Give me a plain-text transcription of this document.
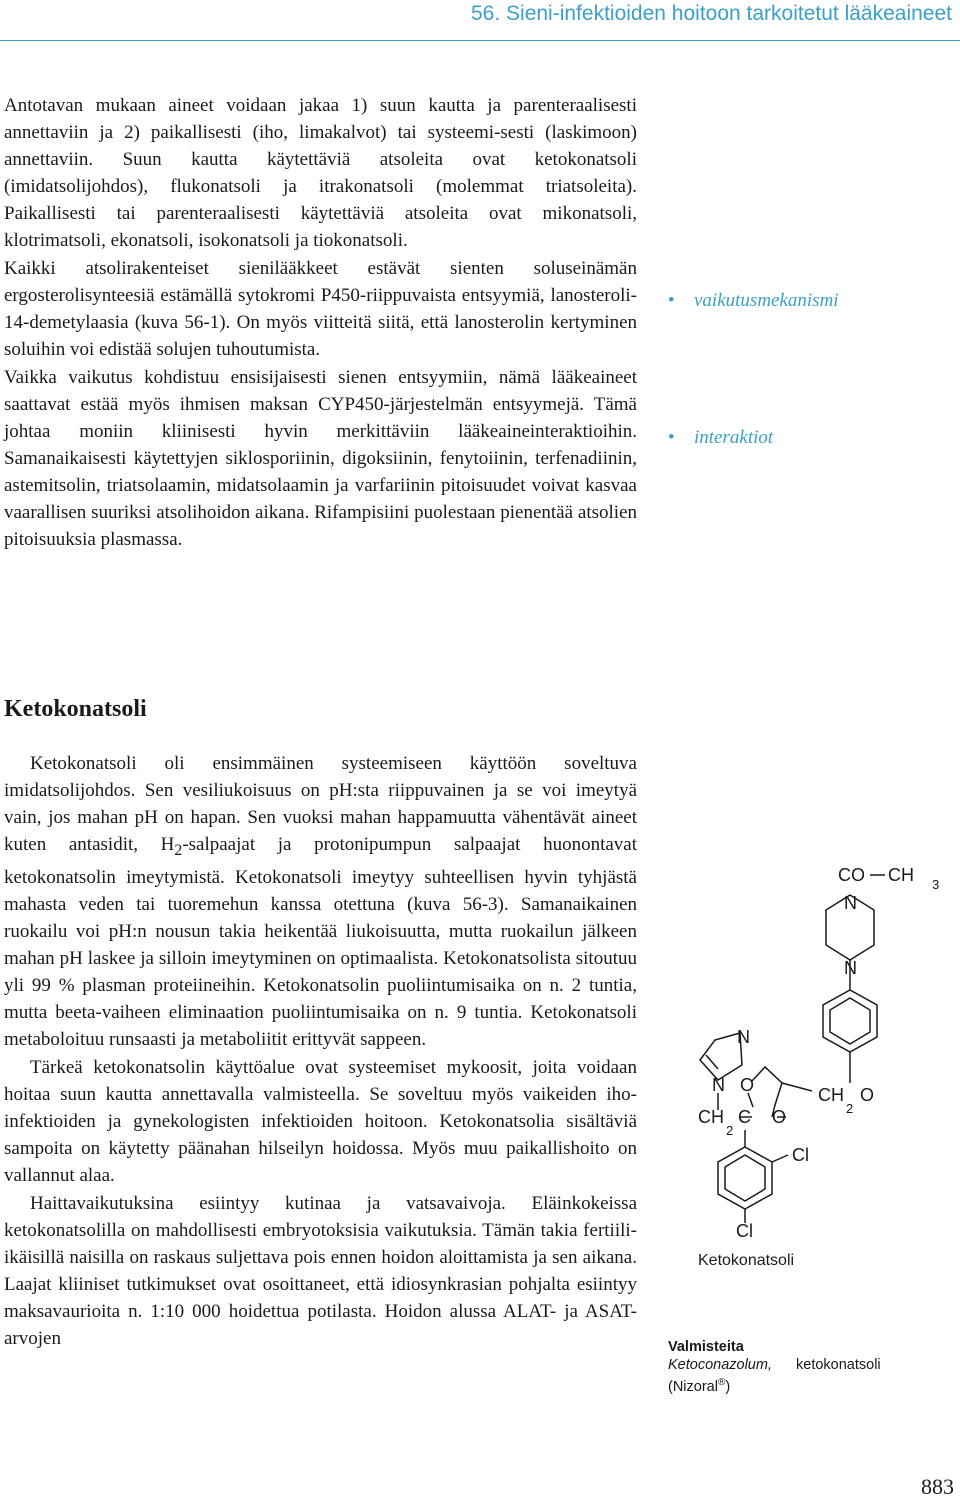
56. Sieni-infektioiden hoitoon tarkoitetut lääkeaineet

Antotavan mukaan aineet voidaan jakaa 1) suun kautta ja parenteraalisesti annettaviin ja 2) paikallisesti (iho, limakalvot) tai systeemi-sesti (laskimoon) annettaviin. Suun kautta käytettäviä atsoleita ovat ketokonatsoli (imidatsolijohdos), flukonatsoli ja itrakonatsoli (molemmat triatsoleita). Paikallisesti tai parenteraalisesti käytettäviä atsoleita ovat mikonatsoli, klotrimatsoli, ekonatsoli, isokonatsoli ja tiokonatsoli.

Kaikki atsolirakenteiset sienilääkkeet estävät sienten soluseinämän ergosterolisynteesiä estämällä sytokromi P450-riippuvaista entsyymiä, lanosteroli-14-demetylaasia (kuva 56-1). On myös viitteitä siitä, että lanosterolin kertyminen soluihin voi edistää solujen tuhoutumista.

Vaikka vaikutus kohdistuu ensisijaisesti sienen entsyymiin, nämä lääkeaineet saattavat estää myös ihmisen maksan CYP450-järjestelmän entsyymejä. Tämä johtaa moniin kliinisesti hyvin merkittäviin lääkeaineinteraktioihin. Samanaikaisesti käytettyjen siklosporiinin, digoksiinin, fenytoiinin, terfenadiinin, astemitsolin, triatsolaamin, midatsolaamin ja varfariinin pitoisuudet voivat kasvaa vaarallisen suuriksi atsolihoidon aikana. Rifampisiini puolestaan pienentää atsolien pitoisuuksia plasmassa.

• vaikutusmekanismi
• interaktiot
Ketokonatsoli

Ketokonatsoli oli ensimmäinen systeemiseen käyttöön soveltuva imidatsolijohdos. Sen vesiliukoisuus on pH:sta riippuvainen ja se voi imeytyä vain, jos mahan pH on hapan. Sen vuoksi mahan happamuutta vähentävät aineet kuten antasidit, $H_2$-salpaajat ja protonipumpun salpaajat huonontavat ketokonatsolin imeytymistä. Ketokonatsoli imeytyy suhteellisen hyvin tyhjästä mahasta veden tai tuoremehun kanssa otettuna (kuva 56-3). Samanaikainen ruokailu voi pH:n nousun takia heikentää liukoisuutta, mutta ruokailun jälkeen mahan pH laskee ja silloin imeytyminen on optimaalista. Ketokonatsolista sitoutuu yli 99 % plasman proteiineihin. Ketokonatsolin puoliintumisaika on n. 2 tuntia, mutta beeta-vaiheen eliminaation puoliintumisaika on n. 9 tuntia. Ketokonatsoli metaboloituu runsaasti ja metaboliitit erittyvät sappeen.

Tärkeä ketokonatsolin käyttöalue ovat systeemiset mykoosit, joita voidaan hoitaa suun kautta annettavalla valmisteella. Se soveltuu myös vaikeiden iho-infektioiden ja gynekologisten infektioiden hoitoon. Ketokonatsolia sisältäviä sampoita on käytetty päänahan hilseilyn hoidossa. Myös muu paikallishoito on vallannut alaa.

Haittavaikutuksina esiintyy kutinaa ja vatsavaivoja. Eläinkokeissa ketokonatsolilla on mahdollisesti embryotoksisia vaikutuksia. Tämän takia fertiili-ikäisillä naisilla on raskaus suljettava pois ennen hoidon aloittamista ja sen aikana. Laajat kliiniset tutkimukset ovat osoittaneet, että idiosynkrasian pohjalta esiintyy maksavaurioita n. 1:10 000 hoidettua potilasta. Hoidon alussa ALAT- ja ASAT-arvojen

CO CH 3
N
N
N
N O
CH
2
C O
CH
2
O
Cl
Cl
Ketokonatsoli
Valmisteita
Ketoconazolum, ketokonatsoli
(Nizoral®)
883
